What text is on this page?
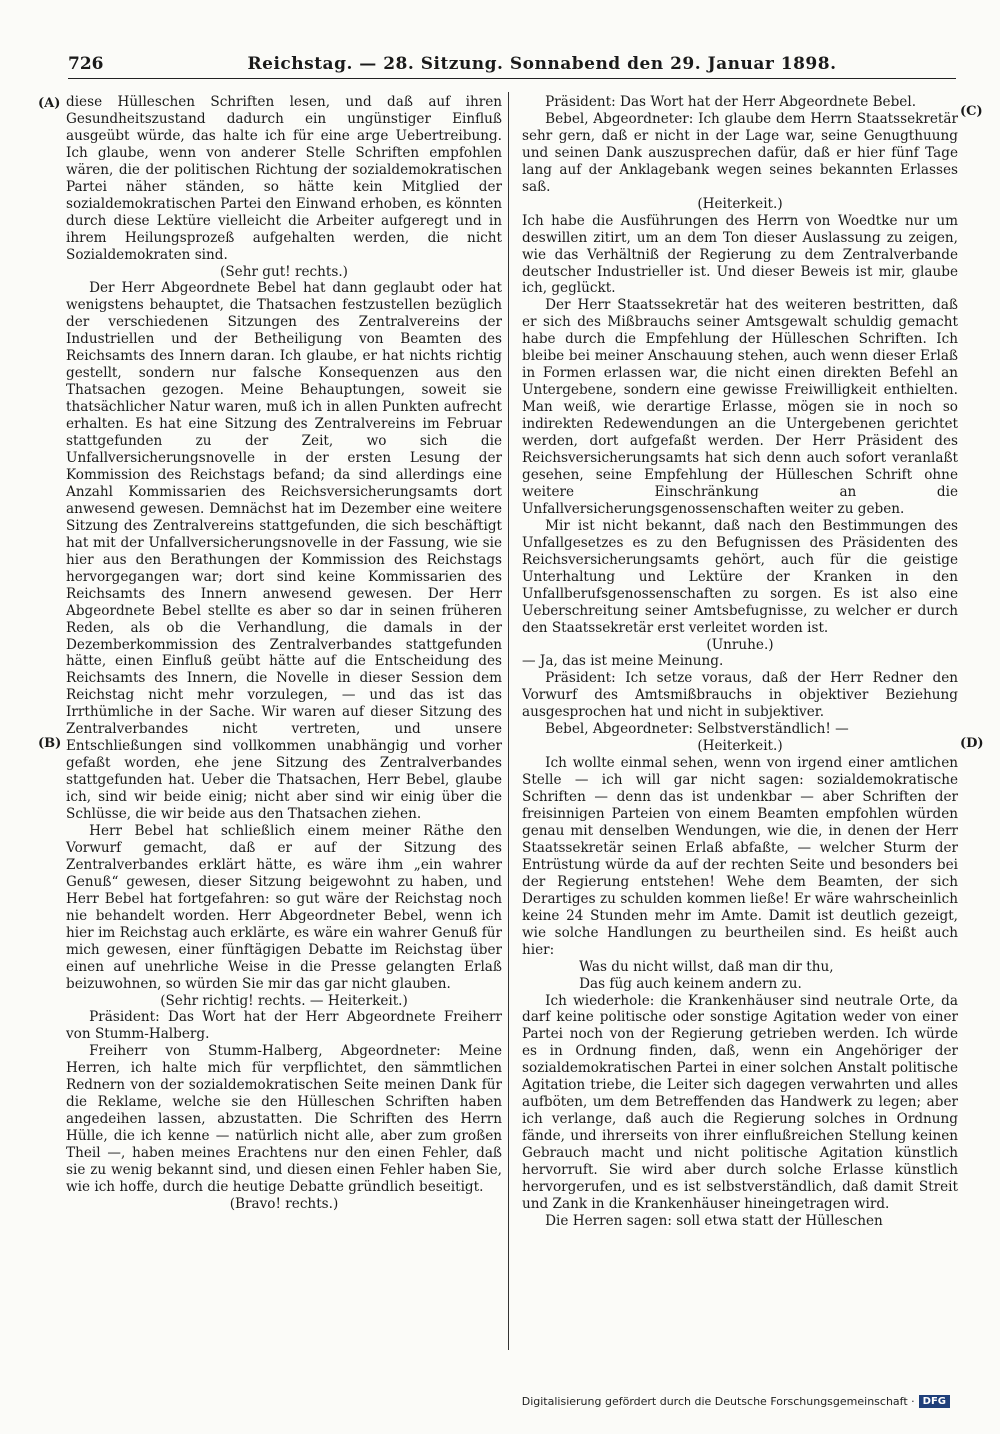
726	Reichstag. — 28. Sitzung. Sonnabend den 29. Januar 1898.
(A)
(B)
(C)
(D)

diese Hülleschen Schriften lesen, und daß auf ihren Gesundheitszustand dadurch ein ungünstiger Einfluß ausgeübt würde, das halte ich für eine arge Uebertreibung. Ich glaube, wenn von anderer Stelle Schriften empfohlen wären, die der politischen Richtung der sozialdemokratischen Partei näher ständen, so hätte kein Mitglied der sozialdemokratischen Partei den Einwand erhoben, es könnten durch diese Lektüre vielleicht die Arbeiter aufgeregt und in ihrem Heilungsprozeß aufgehalten werden, die nicht Sozialdemokraten sind.

(Sehr gut! rechts.)

Der Herr Abgeordnete Bebel hat dann geglaubt oder hat wenigstens behauptet, die Thatsachen festzustellen bezüglich der verschiedenen Sitzungen des Zentralvereins der Industriellen und der Betheiligung von Beamten des Reichsamts des Innern daran. Ich glaube, er hat nichts richtig gestellt, sondern nur falsche Konsequenzen aus den Thatsachen gezogen. Meine Behauptungen, soweit sie thatsächlicher Natur waren, muß ich in allen Punkten aufrecht erhalten. Es hat eine Sitzung des Zentralvereins im Februar stattgefunden zu der Zeit, wo sich die Unfallversicherungsnovelle in der ersten Lesung der Kommission des Reichstags befand; da sind allerdings eine Anzahl Kommissarien des Reichsversicherungsamts dort anwesend gewesen. Demnächst hat im Dezember eine weitere Sitzung des Zentralvereins stattgefunden, die sich beschäftigt hat mit der Unfallversicherungsnovelle in der Fassung, wie sie hier aus den Berathungen der Kommission des Reichstags hervorgegangen war; dort sind keine Kommissarien des Reichsamts des Innern anwesend gewesen. Der Herr Abgeordnete Bebel stellte es aber so dar in seinen früheren Reden, als ob die Verhandlung, die damals in der Dezemberkommission des Zentralverbandes stattgefunden hätte, einen Einfluß geübt hätte auf die Entscheidung des Reichsamts des Innern, die Novelle in dieser Session dem Reichstag nicht mehr vorzulegen, — und das ist das Irrthümliche in der Sache. Wir waren auf dieser Sitzung des Zentralverbandes nicht vertreten, und unsere Entschließungen sind vollkommen unabhängig und vorher gefaßt worden, ehe jene Sitzung des Zentralverbandes stattgefunden hat. Ueber die Thatsachen, Herr Bebel, glaube ich, sind wir beide einig; nicht aber sind wir einig über die Schlüsse, die wir beide aus den Thatsachen ziehen.

Herr Bebel hat schließlich einem meiner Räthe den Vorwurf gemacht, daß er auf der Sitzung des Zentralverbandes erklärt hätte, es wäre ihm „ein wahrer Genuß“ gewesen, dieser Sitzung beigewohnt zu haben, und Herr Bebel hat fortgefahren: so gut wäre der Reichstag noch nie behandelt worden. Herr Abgeordneter Bebel, wenn ich hier im Reichstag auch erklärte, es wäre ein wahrer Genuß für mich gewesen, einer fünftägigen Debatte im Reichstag über einen auf unehrliche Weise in die Presse gelangten Erlaß beizuwohnen, so würden Sie mir das gar nicht glauben.

(Sehr richtig! rechts. — Heiterkeit.)

Präsident: Das Wort hat der Herr Abgeordnete Freiherr von Stumm-Halberg.

Freiherr von Stumm-Halberg, Abgeordneter: Meine Herren, ich halte mich für verpflichtet, den sämmtlichen Rednern von der sozialdemokratischen Seite meinen Dank für die Reklame, welche sie den Hülleschen Schriften haben angedeihen lassen, abzustatten. Die Schriften des Herrn Hülle, die ich kenne — natürlich nicht alle, aber zum großen Theil —, haben meines Erachtens nur den einen Fehler, daß sie zu wenig bekannt sind, und diesen einen Fehler haben Sie, wie ich hoffe, durch die heutige Debatte gründlich beseitigt.

(Bravo! rechts.)

Präsident: Das Wort hat der Herr Abgeordnete Bebel.

Bebel, Abgeordneter: Ich glaube dem Herrn Staatssekretär sehr gern, daß er nicht in der Lage war, seine Genugthuung und seinen Dank auszusprechen dafür, daß er hier fünf Tage lang auf der Anklagebank wegen seines bekannten Erlasses saß.

(Heiterkeit.)

Ich habe die Ausführungen des Herrn von Woedtke nur um deswillen zitirt, um an dem Ton dieser Auslassung zu zeigen, wie das Verhältniß der Regierung zu dem Zentralverbande deutscher Industrieller ist. Und dieser Beweis ist mir, glaube ich, geglückt.

Der Herr Staatssekretär hat des weiteren bestritten, daß er sich des Mißbrauchs seiner Amtsgewalt schuldig gemacht habe durch die Empfehlung der Hülleschen Schriften. Ich bleibe bei meiner Anschauung stehen, auch wenn dieser Erlaß in Formen erlassen war, die nicht einen direkten Befehl an Untergebene, sondern eine gewisse Freiwilligkeit enthielten. Man weiß, wie derartige Erlasse, mögen sie in noch so indirekten Redewendungen an die Untergebenen gerichtet werden, dort aufgefaßt werden. Der Herr Präsident des Reichsversicherungsamts hat sich denn auch sofort veranlaßt gesehen, seine Empfehlung der Hülleschen Schrift ohne weitere Einschränkung an die Unfallversicherungsgenossenschaften weiter zu geben.

Mir ist nicht bekannt, daß nach den Bestimmungen des Unfallgesetzes es zu den Befugnissen des Präsidenten des Reichsversicherungsamts gehört, auch für die geistige Unterhaltung und Lektüre der Kranken in den Unfallberufsgenossenschaften zu sorgen. Es ist also eine Ueberschreitung seiner Amtsbefugnisse, zu welcher er durch den Staatssekretär erst verleitet worden ist.

(Unruhe.)

— Ja, das ist meine Meinung.

Präsident: Ich setze voraus, daß der Herr Redner den Vorwurf des Amtsmißbrauchs in objektiver Beziehung ausgesprochen hat und nicht in subjektiver.

Bebel, Abgeordneter: Selbstverständlich! —

(Heiterkeit.)

Ich wollte einmal sehen, wenn von irgend einer amtlichen Stelle — ich will gar nicht sagen: sozialdemokratische Schriften — denn das ist undenkbar — aber Schriften der freisinnigen Parteien von einem Beamten empfohlen würden genau mit denselben Wendungen, wie die, in denen der Herr Staatssekretär seinen Erlaß abfaßte, — welcher Sturm der Entrüstung würde da auf der rechten Seite und besonders bei der Regierung entstehen! Wehe dem Beamten, der sich Derartiges zu schulden kommen ließe! Er wäre wahrscheinlich keine 24 Stunden mehr im Amte. Damit ist deutlich gezeigt, wie solche Handlungen zu beurtheilen sind. Es heißt auch hier:

Was du nicht willst, daß man dir thu,

Das füg auch keinem andern zu.

Ich wiederhole: die Krankenhäuser sind neutrale Orte, da darf keine politische oder sonstige Agitation weder von einer Partei noch von der Regierung getrieben werden. Ich würde es in Ordnung finden, daß, wenn ein Angehöriger der sozialdemokratischen Partei in einer solchen Anstalt politische Agitation triebe, die Leiter sich dagegen verwahrten und alles aufböten, um dem Betreffenden das Handwerk zu legen; aber ich verlange, daß auch die Regierung solches in Ordnung fände, und ihrerseits von ihrer einflußreichen Stellung keinen Gebrauch macht und nicht politische Agitation künstlich hervorruft. Sie wird aber durch solche Erlasse künstlich hervorgerufen, und es ist selbstverständlich, daß damit Streit und Zank in die Krankenhäuser hineingetragen wird.

Die Herren sagen: soll etwa statt der Hülleschen

Digitalisierung gefördert durch die Deutsche Forschungsgemeinschaft · DFG
